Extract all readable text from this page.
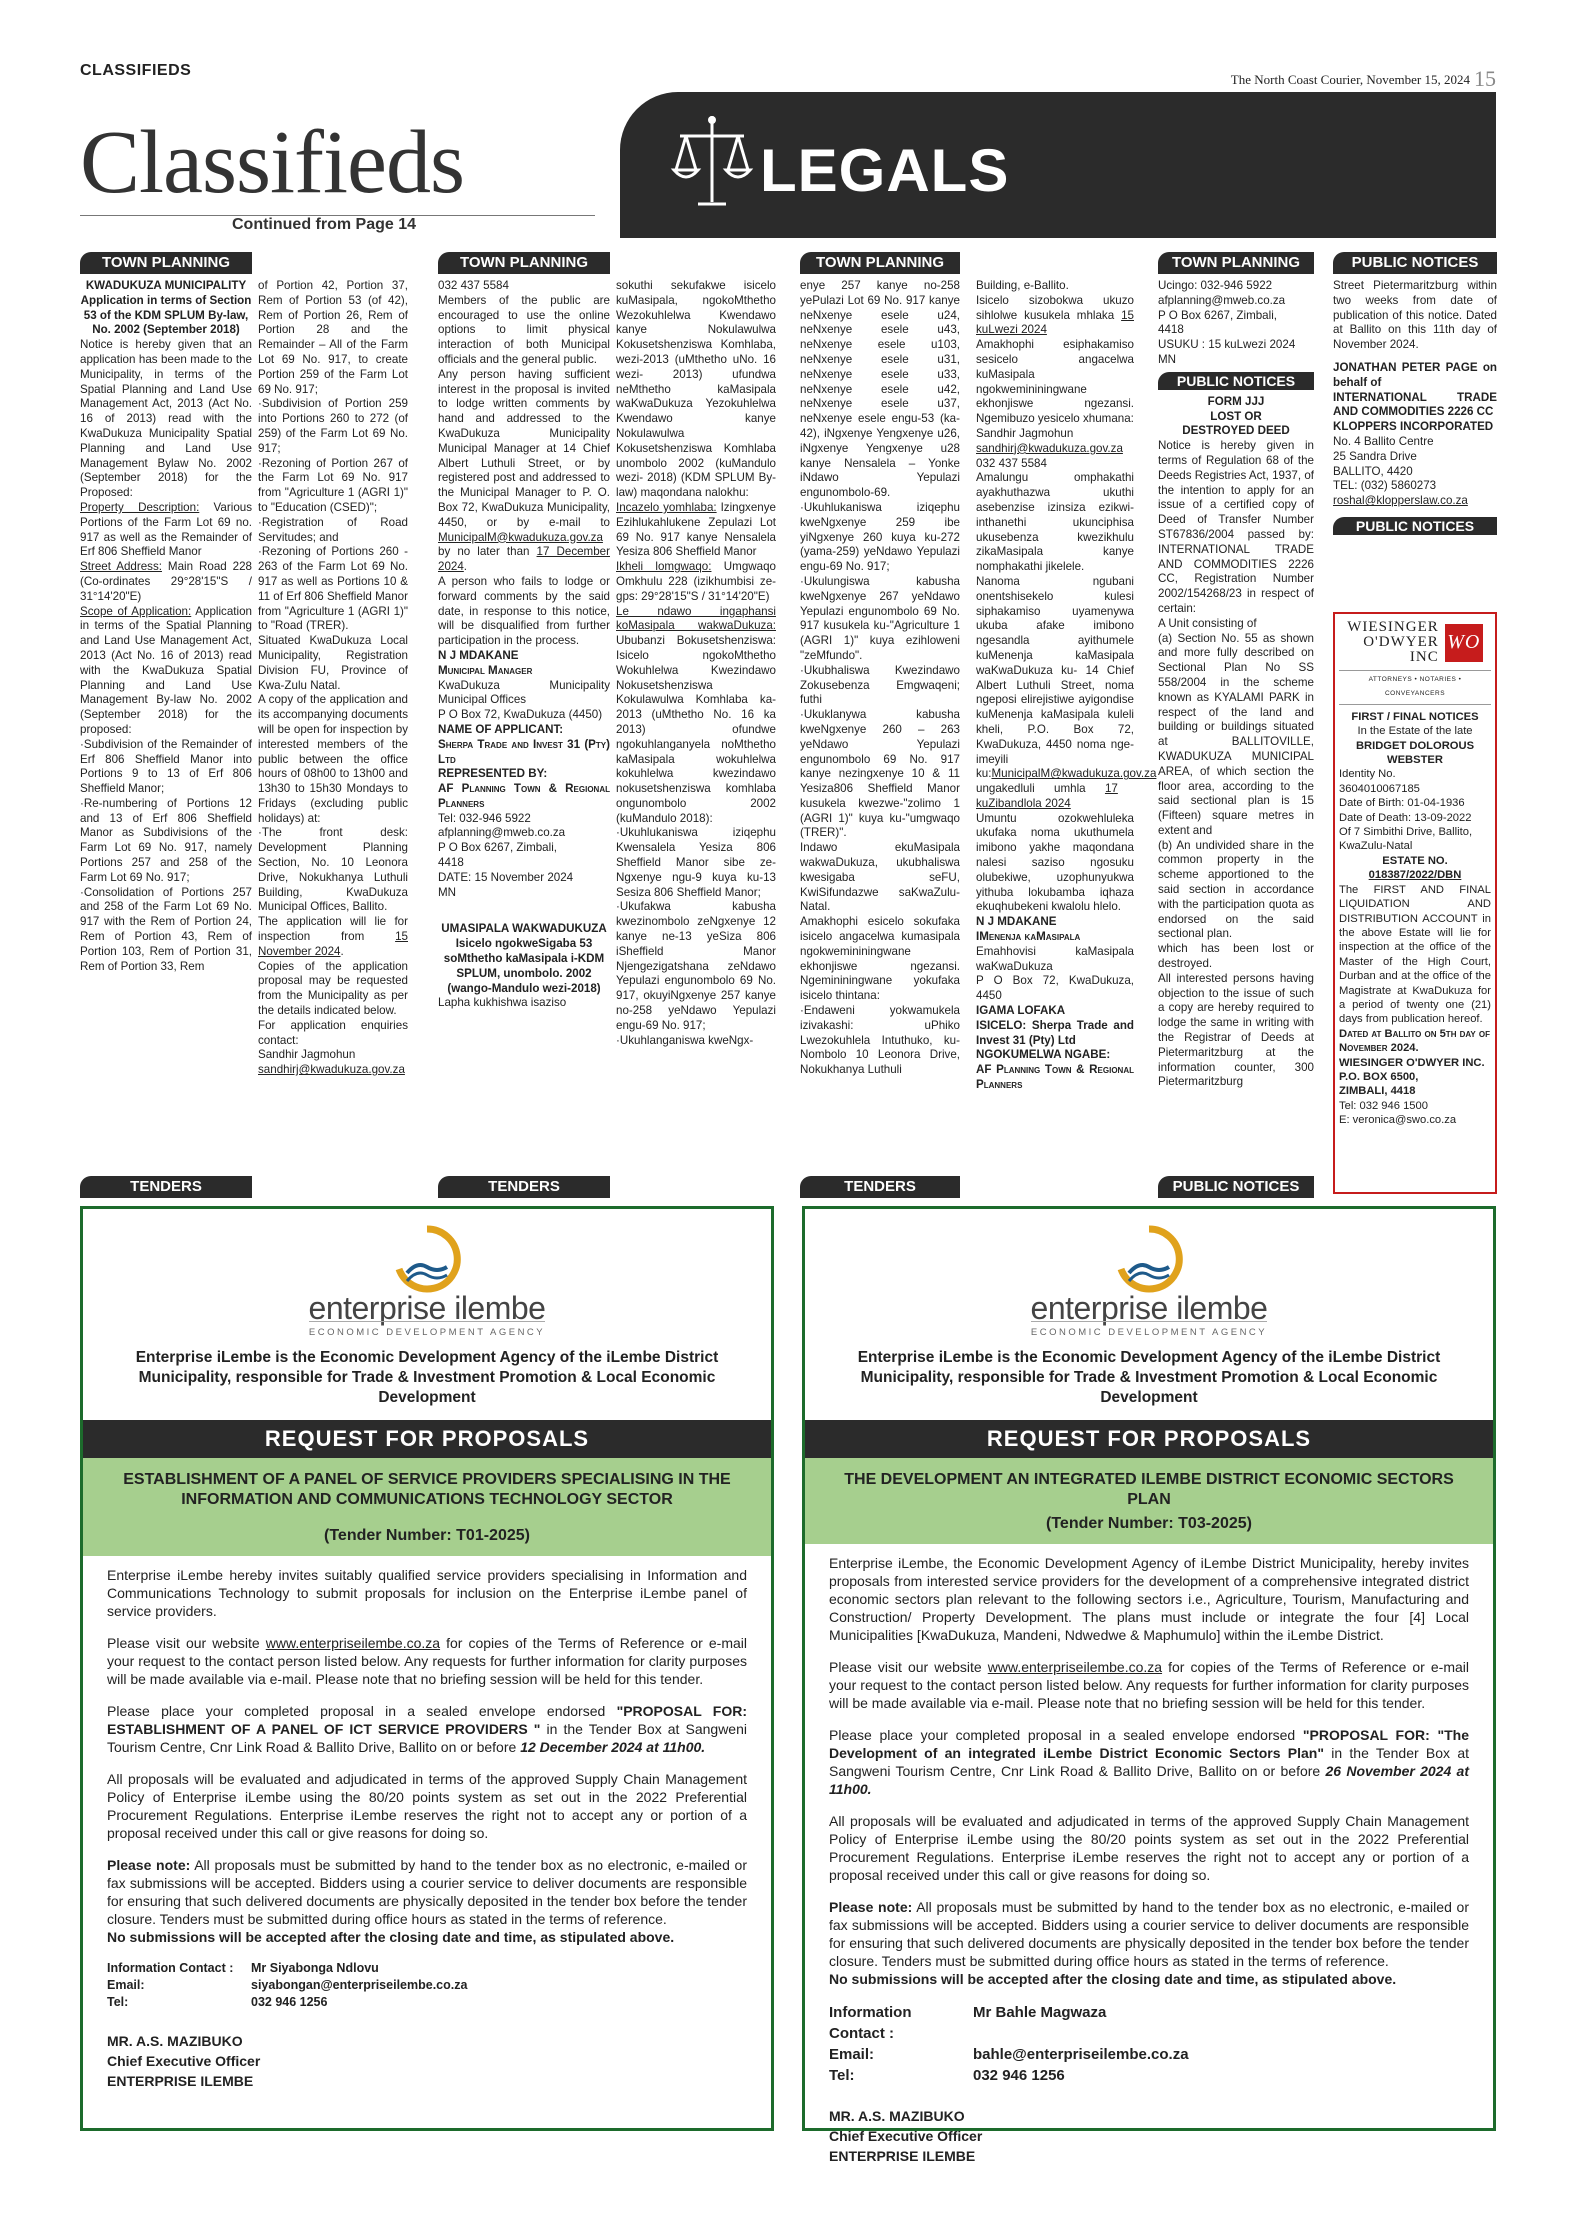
CLASSIFIEDS
The North Coast Courier, November 15, 2024 15
Classifieds
Continued from Page 14
LEGALS
TOWN PLANNING

KWADUKUZA MUNICIPALITY

Application in terms of Section 53 of the KDM SPLUM By-law, No. 2002 (September 2018)

Notice is hereby given that an application has been made to the Municipality, in terms of the Spatial Planning and Land Use Management Act, 2013 (Act No. 16 of 2013) read with the KwaDukuza Municipality Spatial Planning and Land Use Management Bylaw No. 2002 (September 2018) for the Proposed:

Property Description: Various Portions of the Farm Lot 69 no. 917 as well as the Remainder of Erf 806 Sheffield Manor

Street Address: Main Road 228 (Co-ordinates 29°28'15"S / 31°14'20"E)

Scope of Application: Application in terms of the Spatial Planning and Land Use Management Act, 2013 (Act No. 16 of 2013) read with the KwaDukuza Spatial Planning and Land Use Management By-law No. 2002 (September 2018) for the proposed:

·Subdivision of the Remainder of Erf 806 Sheffield Manor into Portions 9 to 13 of Erf 806 Sheffield Manor;

·Re-numbering of Portions 12 and 13 of Erf 806 Sheffield Manor as Subdivisions of the Farm Lot 69 No. 917, namely Portions 257 and 258 of the Farm Lot 69 No. 917;

·Consolidation of Portions 257 and 258 of the Farm Lot 69 No. 917 with the Rem of Portion 24, Rem of Portion 43, Rem of Portion 103, Rem of Portion 31, Rem of Portion 33, Rem

of Portion 42, Portion 37, Rem of Portion 53 (of 42), Rem of Portion 26, Rem of Portion 28 and the Remainder – All of the Farm Lot 69 No. 917, to create Portion 259 of the Farm Lot 69 No. 917;

·Subdivision of Portion 259 into Portions 260 to 272 (of 259) of the Farm Lot 69 No. 917;

·Rezoning of Portion 267 of the Farm Lot 69 No. 917 from "Agriculture 1 (AGRI 1)" to "Education (CSED)";

·Registration of Road Servitudes; and

·Rezoning of Portions 260 - 263 of the Farm Lot 69 No. 917 as well as Portions 10 & 11 of Erf 806 Sheffield Manor from "Agriculture 1 (AGRI 1)" to "Road (TRER).

Situated KwaDukuza Local Municipality, Registration Division FU, Province of Kwa-Zulu Natal.

A copy of the application and its accompanying documents will be open for inspection by interested members of the public between the office hours of 08h00 to 13h00 and 13h30 to 15h30 Mondays to Fridays (excluding public holidays) at:

·The front desk: Development Planning Section, No. 10 Leonora Drive, Nokukhanya Luthuli Building, KwaDukuza Municipal Offices, Ballito.

The application will lie for inspection from 15 November 2024.

Copies of the application proposal may be requested from the Municipality as per the details indicated below.

For application enquiries contact:

Sandhir Jagmohun

sandhirj@kwadukuza.gov.za

TOWN PLANNING

032 437 5584

Members of the public are encouraged to use the online options to limit physical interaction of both Municipal officials and the general public.

Any person having sufficient interest in the proposal is invited to lodge written comments by hand and addressed to the KwaDukuza Municipality Municipal Manager at 14 Chief Albert Luthuli Street, or by registered post and addressed to the Municipal Manager to P. O. Box 72, KwaDukuza Municipality, 4450, or by e-mail to MunicipalM@kwadukuza.gov.za by no later than 17 December 2024.

A person who fails to lodge or forward comments by the said date, in response to this notice, will be disqualified from further participation in the process.

N J MDAKANE

Municipal Manager

KwaDukuza Municipality Municipal Offices

P O Box 72, KwaDukuza (4450)

NAME OF APPLICANT:

Sherpa Trade and Invest 31 (Pty) Ltd

REPRESENTED BY:

AF Planning Town & Regional Planners

Tel: 032-946 5922

afplanning@mweb.co.za

P O Box 6267, Zimbali,

4418

DATE: 15 November 2024

MN

UMASIPALA WAKWADUKUZA

Isicelo ngokweSigaba 53 soMthetho kaMasipala i-KDM SPLUM, unombolo. 2002 (wango-Mandulo wezi-2018)

Lapha kukhishwa isaziso

sokuthi sekufakwe isicelo kuMasipala, ngokoMthetho Wezokuhlelwa Kwendawo kanye Nokulawulwa Kokusetshenziswa Komhlaba, wezi-2013 (uMthetho uNo. 16 wezi- 2013) ufundwa neMthetho kaMasipala waKwaDukuza Yezokuhlelwa Kwendawo kanye Nokulawulwa Kokusetshenziswa Komhlaba unombolo 2002 (kuMandulo wezi- 2018) (KDM SPLUM By-law) maqondana nalokhu:

Incazelo yomhlaba: Izingxenye Ezihlukahlukene Zepulazi Lot 69 No. 917 kanye Nensalela Yesiza 806 Sheffield Manor

Ikheli lomgwaqo: Umgwaqo Omkhulu 228 (izikhumbisi ze-gps: 29°28'15"S / 31°14'20"E)

Le ndawo ingaphansi koMasipala wakwaDukuza: Ububanzi Bokusetshenziswa: Isicelo ngokoMthetho Wokuhlelwa Kwezindawo Nokusetshenziswa Kokulawulwa Komhlaba ka-2013 (uMthetho No. 16 ka 2013) ofundwe ngokuhlanganyela noMthetho kaMasipala wokuhlelwa kokuhlelwa kwezindawo nokusetshenziswa komhlaba ongunombolo 2002 (kuMandulo 2018):

·Ukuhlukaniswa iziqephu Kwensalela Yesiza 806 Sheffield Manor sibe ze-Ngxenye ngu-9 kuya ku-13 Sesiza 806 Sheffield Manor;

·Ukufakwa kabusha kwezinombolo zeNgxenye 12 kanye ne-13 yeSiza 806 iSheffield Manor Njengezigatshana zeNdawo Yepulazi engunombolo 69 No. 917, okuyiNgxenye 257 kanye no-258 yeNdawo Yepulazi engu-69 No. 917;

·Ukuhlanganiswa kweNgx-

TOWN PLANNING

enye 257 kanye no-258 yePulazi Lot 69 No. 917 kanye neNxenye esele u24, neNxenye esele u43, neNxenye esele u103, neNxenye esele u31, neNxenye esele u33, neNxenye esele u42, neNxenye esele u37, neNxenye esele engu-53 (ka-42), iNgxenye Yengxenye u26, iNgxenye Yengxenye u28 kanye Nensalela – Yonke iNdawo Yepulazi engunombolo-69.

·Ukuhlukaniswa iziqephu kweNgxenye 259 ibe yiNgxenye 260 kuya ku-272 (yama-259) yeNdawo Yepulazi engu-69 No. 917;

·Ukulungiswa kabusha kweNgxenye 267 yeNdawo Yepulazi engunombolo 69 No. 917 kusukela ku-"Agriculture 1 (AGRI 1)" kuya ezihloweni "zeMfundo".

·Ukubhaliswa Kwezindawo Zokusebenza Emgwaqeni; futhi

·Ukuklanywa kabusha kweNgxenye 260 – 263 yeNdawo Yepulazi engunombolo 69 No. 917 kanye nezingxenye 10 & 11 Yesiza806 Sheffield Manor kusukela kwezwe-"zolimo 1 (AGRI 1)" kuya ku-"umgwaqo (TRER)".

Indawo ekuMasipala wakwaDukuza, ukubhaliswa kwesigaba seFU, KwiSifundazwe saKwaZulu-Natal.

Amakhophi esicelo sokufaka isicelo angacelwa kumasipala ngokwemininingwane ekhonjiswe ngezansi. Ngemininingwane yokufaka isicelo thintana:

·Endaweni yokwamukela izivakashi: uPhiko Lwezokuhlela Intuthuko, ku-Nombolo 10 Leonora Drive, Nokukhanya Luthuli

Building, e-Ballito.

Isicelo sizobokwa ukuzo sihlolwe kusukela mhlaka 15 kuLwezi 2024

Amakhophi esiphakamiso sesicelo angacelwa kuMasipala ngokwemininingwane ekhonjiswe ngezansi. Ngemibuzo yesicelo xhumana:

Sandhir Jagmohun

sandhirj@kwadukuza.gov.za

032 437 5584

Amalungu omphakathi ayakhuthazwa ukuthi asebenzise izinsiza ezikwi-inthanethi ukunciphisa ukusebenza kwezikhulu zikaMasipala kanye nomphakathi jikelele.

Nanoma ngubani onentshisekelo kulesi siphakamiso uyamenywa ukuba afake imibono ngesandla ayithumele kuMenenja kaMasipala waKwaDukuza ku- 14 Chief Albert Luthuli Street, noma ngeposi elirejistiwe ayigondise kuMenenja kaMasipala kuleli kheli, P.O. Box 72, KwaDukuza, 4450 noma nge-imeyili ku:MunicipalM@kwadukuza.gov.za ungakedluli umhla 17 kuZibandlola 2024

Umuntu ozokwehluleka ukufaka noma ukuthumela imibono yakhe maqondana nalesi saziso ngosuku olubekiwe, uzophunyukwa yithuba lokubamba iqhaza ekuqhubekeni kwalolu hlelo.

N J MDAKANE

IMenenja kaMasipala

Emahhovisi kaMasipala waKwaDukuza

P O Box 72, KwaDukuza, 4450

IGAMA LOFAKA

ISICELO: Sherpa Trade and Invest 31 (Pty) Ltd

NGOKUMELWA NGABE:

AF Planning Town & Regional Planners

TOWN PLANNING

Ucingo: 032-946 5922

afplanning@mweb.co.za

P O Box 6267, Zimbali,

4418

USUKU : 15 kuLwezi 2024

MN

PUBLIC NOTICES

FORM JJJ

LOST OR

DESTROYED DEED

Notice is hereby given in terms of Regulation 68 of the Deeds Registries Act, 1937, of the intention to apply for an issue of a certified copy of Deed of Transfer Number ST67836/2004 passed by: INTERNATIONAL TRADE AND COMMODITIES 2226 CC, Registration Number 2002/154268/23 in respect of certain:

A Unit consisting of

(a) Section No. 55 as shown and more fully described on Sectional Plan No SS 558/2004 in the scheme known as KYALAMI PARK in respect of the land and building or buildings situated at BALLITOVILLE, KWADUKUZA MUNICIPAL AREA, of which section the floor area, according to the said sectional plan is 15 (Fifteen) square metres in extent and

(b) An undivided share in the common property in the scheme apportioned to the said section in accordance with the participation quota as endorsed on the said sectional plan.

which has been lost or destroyed.

All interested persons having objection to the issue of such a copy are hereby required to lodge the same in writing with the Registrar of Deeds at Pietermaritzburg at the information counter, 300 Pietermaritzburg

PUBLIC NOTICES

Street Pietermaritzburg within two weeks from date of publication of this notice. Dated at Ballito on this 11th day of November 2024.

JONATHAN PETER PAGE on behalf of

INTERNATIONAL TRADE AND COMMODITIES 2226 CC

KLOPPERS INCORPORATED

No. 4 Ballito Centre

25 Sandra Drive

BALLITO, 4420

TEL: (032) 5860273

roshal@klopperslaw.co.za

PUBLIC NOTICES
WIESINGER
O'DWYER
INC
WO
ATTORNEYS • NOTARIES • CONVEYANCERS

FIRST / FINAL NOTICES

In the Estate of the late

BRIDGET DOLOROUS WEBSTER

Identity No.

3604010067185

Date of Birth: 01-04-1936

Date of Death: 13-09-2022

Of 7 Simbithi Drive, Ballito, KwaZulu-Natal

ESTATE NO.

018387/2022/DBN

The FIRST AND FINAL LIQUIDATION AND DISTRIBUTION ACCOUNT in the above Estate will lie for inspection at the office of the Master of the High Court, Durban and at the office of the Magistrate at KwaDukuza for a period of twenty one (21) days from publication hereof.

Dated at Ballito on 5th day of November 2024.

WIESINGER O'DWYER INC.

P.O. BOX 6500,

ZIMBALI, 4418

Tel: 032 946 1500

E: veronica@swo.co.za

TENDERS	TENDERS	TENDERS	PUBLIC NOTICES
enterprise ilembe
ECONOMIC DEVELOPMENT AGENCY
Enterprise iLembe is the Economic Development Agency of the iLembe District Municipality, responsible for Trade & Investment Promotion & Local Economic Development
REQUEST FOR PROPOSALS
ESTABLISHMENT OF A PANEL OF SERVICE PROVIDERS SPECIALISING IN THE INFORMATION AND COMMUNICATIONS TECHNOLOGY SECTOR
(Tender Number: T01-2025)

Enterprise iLembe hereby invites suitably qualified service providers specialising in Information and Communications Technology to submit proposals for inclusion on the Enterprise iLembe panel of service providers.

Please visit our website www.enterpriseilembe.co.za for copies of the Terms of Reference or e-mail your request to the contact person listed below. Any requests for further information for clarity purposes will be made available via e-mail. Please note that no briefing session will be held for this tender.

Please place your completed proposal in a sealed envelope endorsed "PROPOSAL FOR: ESTABLISHMENT OF A PANEL OF ICT SERVICE PROVIDERS " in the Tender Box at Sangweni Tourism Centre, Cnr Link Road & Ballito Drive, Ballito on or before 12 December 2024 at 11h00.

All proposals will be evaluated and adjudicated in terms of the approved Supply Chain Management Policy of Enterprise iLembe using the 80/20 points system as set out in the 2022 Preferential Procurement Regulations. Enterprise iLembe reserves the right not to accept any or portion of a proposal received under this call or give reasons for doing so.

Please note: All proposals must be submitted by hand to the tender box as no electronic, e-mailed or fax submissions will be accepted. Bidders using a courier service to deliver documents are responsible for ensuring that such delivered documents are physically deposited in the tender box before the tender closure. Tenders must be submitted during office hours as stated in the terms of reference.
No submissions will be accepted after the closing date and time, as stipulated above.

Information Contact :	Mr Siyabonga Ndlovu
Email:	siyabongan@enterpriseilembe.co.za
Tel:	032 946 1256
MR. A.S. MAZIBUKO
Chief Executive Officer
ENTERPRISE ILEMBE
enterprise ilembe
ECONOMIC DEVELOPMENT AGENCY
Enterprise iLembe is the Economic Development Agency of the iLembe District Municipality, responsible for Trade & Investment Promotion & Local Economic Development
REQUEST FOR PROPOSALS
THE DEVELOPMENT AN INTEGRATED ILEMBE DISTRICT ECONOMIC SECTORS PLAN
(Tender Number: T03-2025)

Enterprise iLembe, the Economic Development Agency of iLembe District Municipality, hereby invites proposals from interested service providers for the development of a comprehensive integrated district economic sectors plan relevant to the following sectors i.e., Agriculture, Tourism, Manufacturing and Construction/ Property Development. The plans must include or integrate the four [4] Local Municipalities [KwaDukuza, Mandeni, Ndwedwe & Maphumulo] within the iLembe District.

Please visit our website www.enterpriseilembe.co.za for copies of the Terms of Reference or e-mail your request to the contact person listed below. Any requests for further information for clarity purposes will be made available via e-mail. Please note that no briefing session will be held for this tender.

Please place your completed proposal in a sealed envelope endorsed "PROPOSAL FOR: "The Development of an integrated iLembe District Economic Sectors Plan" in the Tender Box at Sangweni Tourism Centre, Cnr Link Road & Ballito Drive, Ballito on or before 26 November 2024 at 11h00.

All proposals will be evaluated and adjudicated in terms of the approved Supply Chain Management Policy of Enterprise iLembe using the 80/20 points system as set out in the 2022 Preferential Procurement Regulations. Enterprise iLembe reserves the right not to accept any or portion of a proposal received under this call or give reasons for doing so.

Please note: All proposals must be submitted by hand to the tender box as no electronic, e-mailed or fax submissions will be accepted. Bidders using a courier service to deliver documents are responsible for ensuring that such delivered documents are physically deposited in the tender box before the tender closure. Tenders must be submitted during office hours as stated in the terms of reference.
No submissions will be accepted after the closing date and time, as stipulated above.

Information Contact :
Mr Bahle Magwaza
Email:	bahle@enterpriseilembe.co.za
Tel:	032 946 1256
MR. A.S. MAZIBUKO
Chief Executive Officer
ENTERPRISE ILEMBE
